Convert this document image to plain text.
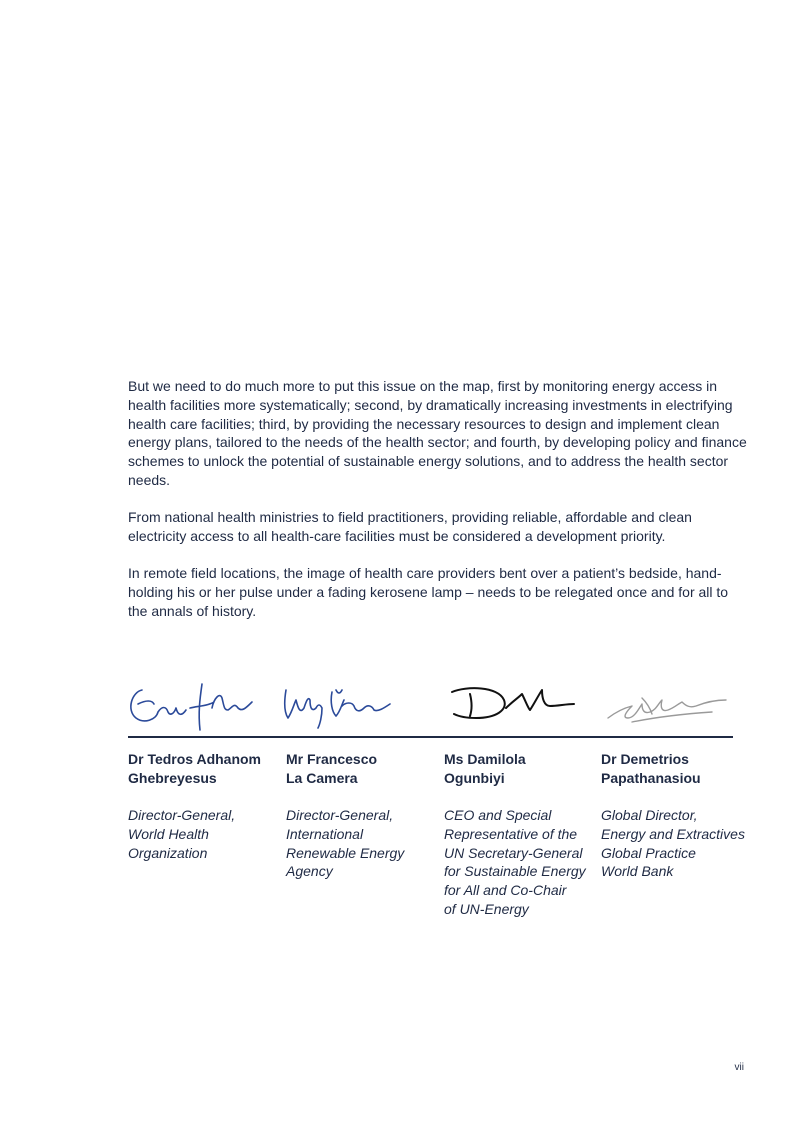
But we need to do much more to put this issue on the map, first by monitoring energy access in health facilities more systematically; second, by dramatically increasing investments in electrifying health care facilities; third, by providing the necessary resources to design and implement clean energy plans, tailored to the needs of the health sector; and fourth, by developing policy and finance schemes to unlock the potential of sustainable energy solutions, and to address the health sector needs.

From national health ministries to field practitioners, providing reliable, affordable and clean electricity access to all health-care facilities must be considered a development priority.

In remote field locations, the image of health care providers bent over a patient’s bedside, hand-holding his or her pulse under a fading kerosene lamp – needs to be relegated once and for all to the annals of history.

Dr Tedros Adhanom
Ghebreyesus
Director-General,
World Health
Organization
Mr Francesco
La Camera
Director-General,
International
Renewable Energy
Agency
Ms Damilola
Ogunbiyi
CEO and Special
Representative of the
UN Secretary-General
for Sustainable Energy
for All and Co-Chair
of UN-Energy
Dr Demetrios
Papathanasiou
Global Director,
Energy and Extractives
Global Practice
World Bank
vii
